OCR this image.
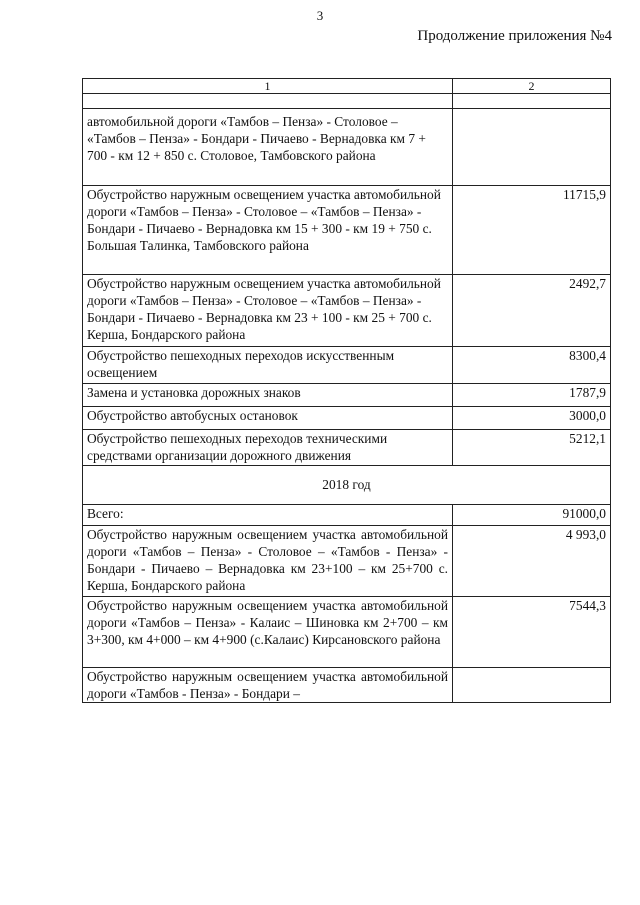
3
Продолжение приложения №4
1	2

автомобильной дороги «Тамбов – Пенза» - Столовое – «Тамбов – Пенза» - Бондари - Пичаево - Вернадовка км 7 + 700 - км 12 + 850 с. Столовое, Тамбовского района	
Обустройство наружным освещением участка автомобильной дороги «Тамбов – Пенза» - Столовое – «Тамбов – Пенза» - Бондари - Пичаево - Вернадовка км 15 + 300 - км 19 + 750 с. Большая Талинка, Тамбовского района	11715,9
Обустройство наружным освещением участка автомобильной дороги «Тамбов – Пенза» - Столовое – «Тамбов – Пенза» - Бондари - Пичаево - Вернадовка км 23 + 100 - км 25 + 700 с. Керша, Бондарского района	2492,7
Обустройство пешеходных переходов искусственным освещением	8300,4
Замена и установка дорожных знаков	1787,9
Обустройство автобусных остановок	3000,0
Обустройство пешеходных переходов техническими средствами организации дорожного движения	5212,1
2018 год	
Всего:	91000,0
Обустройство наружным освещением участка автомобильной дороги «Тамбов – Пенза» - Столовое – «Тамбов - Пенза» - Бондари - Пичаево – Вернадовка км 23+100 – км 25+700 с. Керша, Бондарского района	4 993,0
Обустройство наружным освещением участка автомобильной дороги «Тамбов – Пенза» - Калаис – Шиновка км 2+700 – км 3+300, км 4+000 – км 4+900 (с.Калаис) Кирсановского района	7544,3
Обустройство наружным освещением участка автомобильной дороги «Тамбов - Пенза» - Бондари –	
